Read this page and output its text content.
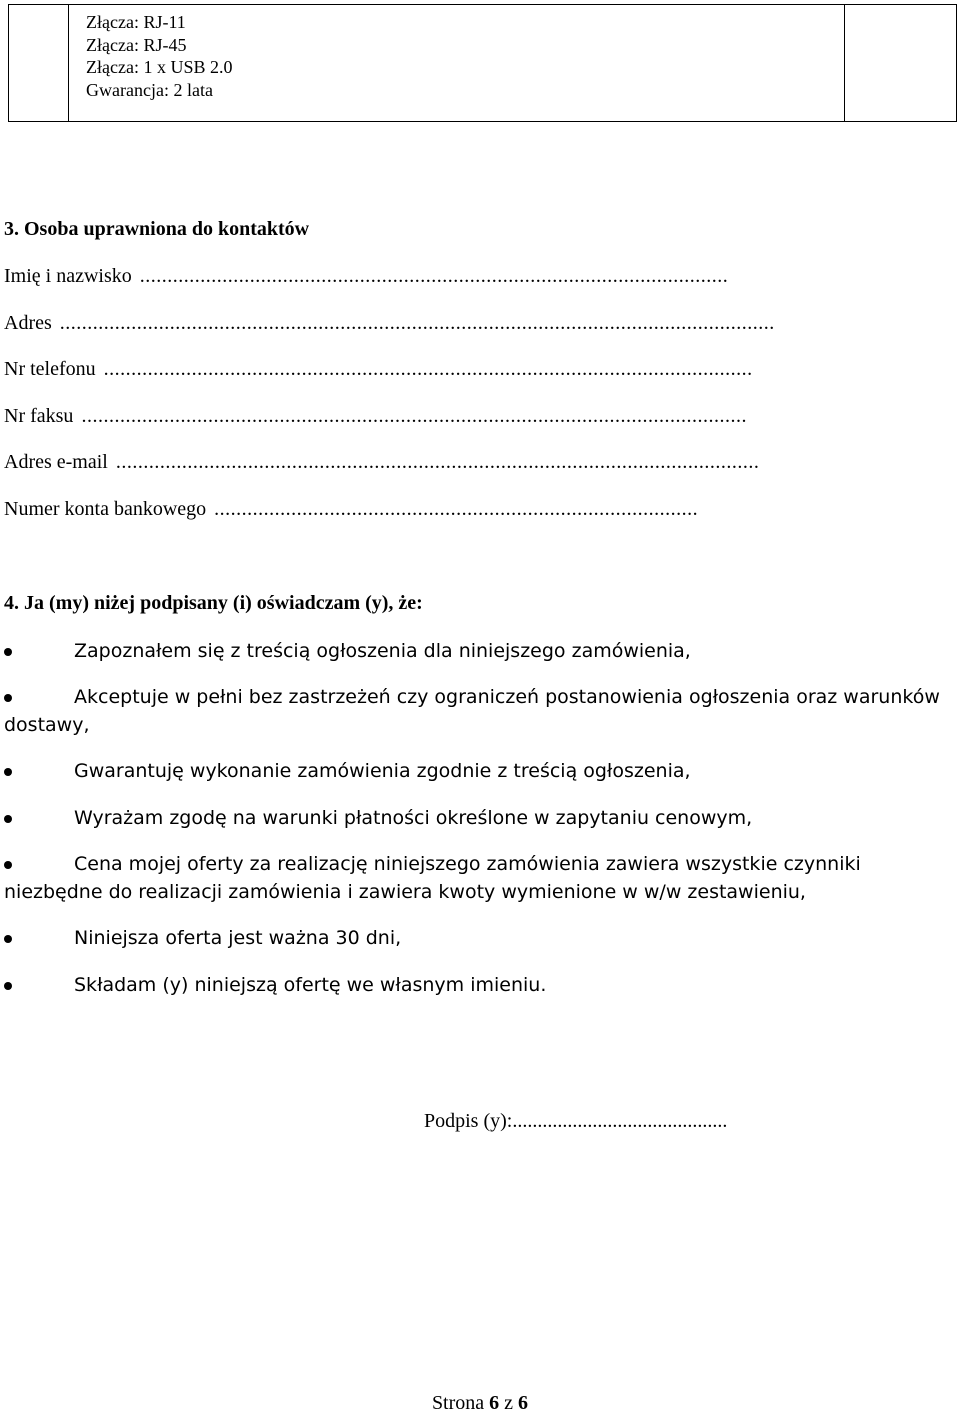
Złącza: RJ-11
Złącza: RJ-45
Złącza: 1 x USB 2.0
Gwarancja: 2 lata
3. Osoba uprawniona do kontaktów
Imię i nazwisko ...........................................................................................................
Adres ..................................................................................................................................
Nr telefonu ......................................................................................................................
Nr faksu .........................................................................................................................
Adres e-mail .....................................................................................................................
Numer konta bankowego ........................................................................................
4. Ja (my) niżej podpisany (i) oświadczam (y), że:
Zapoznałem się z treścią ogłoszenia dla niniejszego zamówienia,
Akceptuje w pełni bez zastrzeżeń czy ograniczeń postanowienia ogłoszenia oraz warunków dostawy,
Gwarantuję wykonanie zamówienia zgodnie z treścią ogłoszenia,
Wyrażam zgodę na warunki płatności określone w zapytaniu cenowym,
Cena mojej oferty za realizację niniejszego zamówienia zawiera wszystkie czynniki niezbędne do realizacji zamówienia i zawiera kwoty wymienione w w/w zestawieniu,
Niniejsza oferta jest ważna 30 dni,
Składam (y) niniejszą ofertę we własnym imieniu.
Podpis (y):...........................................
Strona 6 z 6
